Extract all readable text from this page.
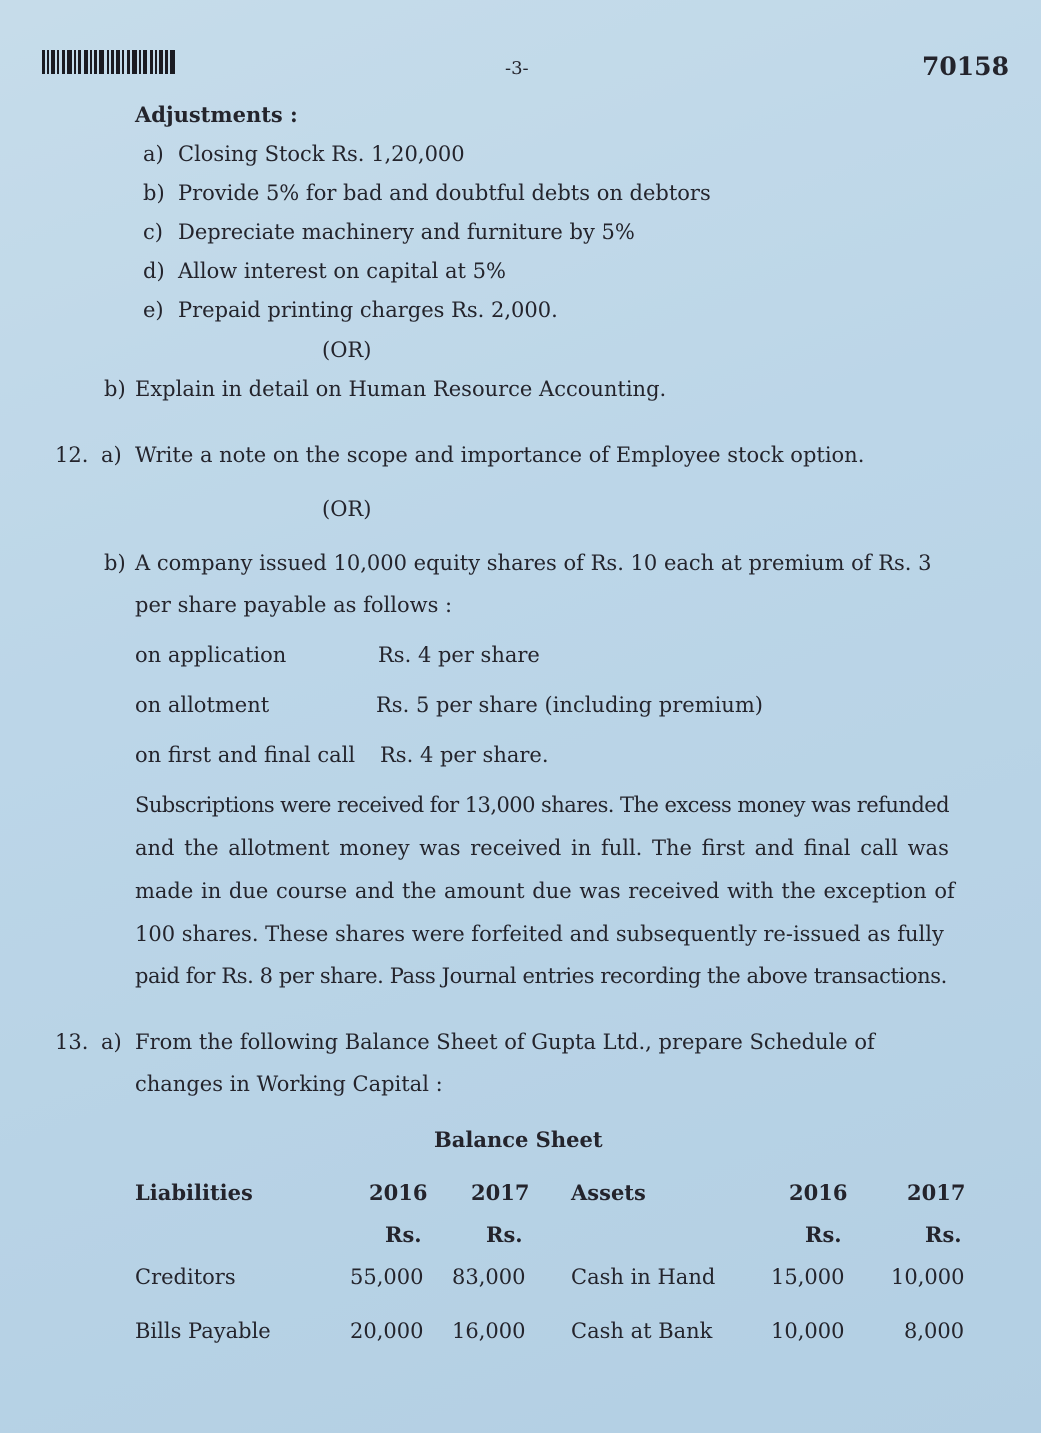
-3-	70158
Adjustments :
a) Closing Stock Rs. 1,20,000
b) Provide 5% for bad and doubtful debts on debtors
c) Depreciate machinery and furniture by 5%
d) Allow interest on capital at 5%
e) Prepaid printing charges Rs. 2,000.
(OR)
b) Explain in detail on Human Resource Accounting.
12. a) Write a note on the scope and importance of Employee stock option.
(OR)
b) A company issued 10,000 equity shares of Rs. 10 each at premium of Rs. 3
per share payable as follows :
on application	Rs. 4 per share
on allotment	Rs. 5 per share (including premium)
on first and final call Rs. 4 per share.
Subscriptions were received for 13,000 shares. The excess money was refunded
and the allotment money was received in full. The first and final call was
made in due course and the amount due was received with the exception of
100 shares. These shares were forfeited and subsequently re-issued as fully
paid for Rs. 8 per share. Pass Journal entries recording the above transactions.
13. a) From the following Balance Sheet of Gupta Ltd., prepare Schedule of
changes in Working Capital :
Balance Sheet
Liabilities	2016 2017 Assets	2016	2017
Rs.	Rs.	Rs.	Rs.
Creditors	55,000 83,000 Cash in Hand	15,000 10,000
Bills Payable	20,000 16,000 Cash at Bank	10,000	8,000
